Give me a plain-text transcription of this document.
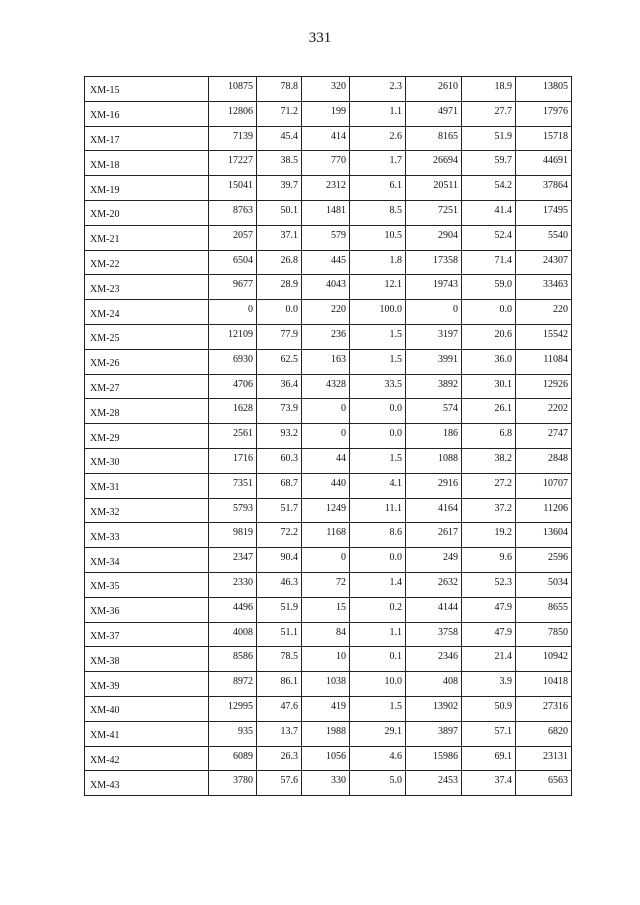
331
XM-15	10875	78.8	320	2.3	2610	18.9	13805
XM-16	12806	71.2	199	1.1	4971	27.7	17976
XM-17	7139	45.4	414	2.6	8165	51.9	15718
XM-18	17227	38.5	770	1.7	26694	59.7	44691
XM-19	15041	39.7	2312	6.1	20511	54.2	37864
XM-20	8763	50.1	1481	8.5	7251	41.4	17495
XM-21	2057	37.1	579	10.5	2904	52.4	5540
XM-22	6504	26.8	445	1.8	17358	71.4	24307
XM-23	9677	28.9	4043	12.1	19743	59.0	33463
XM-24	0	0.0	220	100.0	0	0.0	220
XM-25	12109	77.9	236	1.5	3197	20.6	15542
XM-26	6930	62.5	163	1.5	3991	36.0	11084
XM-27	4706	36.4	4328	33.5	3892	30.1	12926
XM-28	1628	73.9	0	0.0	574	26.1	2202
XM-29	2561	93.2	0	0.0	186	6.8	2747
XM-30	1716	60.3	44	1.5	1088	38.2	2848
XM-31	7351	68.7	440	4.1	2916	27.2	10707
XM-32	5793	51.7	1249	11.1	4164	37.2	11206
XM-33	9819	72.2	1168	8.6	2617	19.2	13604
XM-34	2347	90.4	0	0.0	249	9.6	2596
XM-35	2330	46.3	72	1.4	2632	52.3	5034
XM-36	4496	51.9	15	0.2	4144	47.9	8655
XM-37	4008	51.1	84	1.1	3758	47.9	7850
XM-38	8586	78.5	10	0.1	2346	21.4	10942
XM-39	8972	86.1	1038	10.0	408	3.9	10418
XM-40	12995	47.6	419	1.5	13902	50.9	27316
XM-41	935	13.7	1988	29.1	3897	57.1	6820
XM-42	6089	26.3	1056	4.6	15986	69.1	23131
XM-43	3780	57.6	330	5.0	2453	37.4	6563
